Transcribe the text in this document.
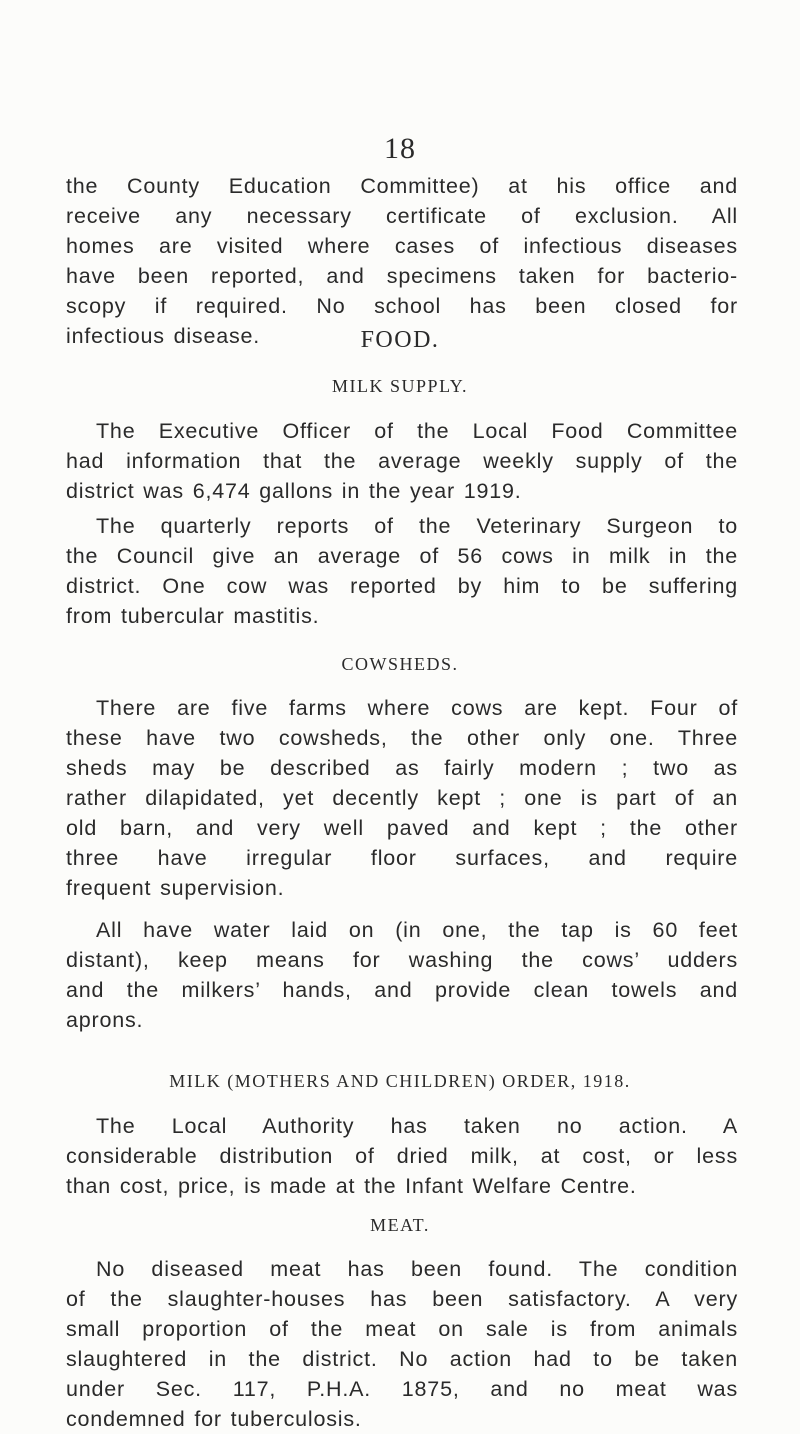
18
the County Education Committee) at his office and
receive any necessary certificate of exclusion. All
homes are visited where cases of infectious diseases
have been reported, and specimens taken for bacterio-
scopy if required. No school has been closed for
infectious disease.	FOOD.
MILK SUPPLY.
The Executive Officer of the Local Food Committee
had information that the average weekly supply of the
district was 6,474 gallons in the year 1919.
The quarterly reports of the Veterinary Surgeon to
the Council give an average of 56 cows in milk in the
district. One cow was reported by him to be suffering
from tubercular mastitis.
COWSHEDS.
There are five farms where cows are kept. Four of
these have two cowsheds, the other only one. Three
sheds may be described as fairly modern ; two as
rather dilapidated, yet decently kept ; one is part of an
old barn, and very well paved and kept ; the other
three have irregular floor surfaces, and require
frequent supervision.
All have water laid on (in one, the tap is 60 feet
distant), keep means for washing the cows’ udders
and the milkers’ hands, and provide clean towels and
aprons.
MILK (MOTHERS AND CHILDREN) ORDER, 1918.
The Local Authority has taken no action. A
considerable distribution of dried milk, at cost, or less
than cost, price, is made at the Infant Welfare Centre.
MEAT.
No diseased meat has been found. The condition
of the slaughter-houses has been satisfactory. A very
small proportion of the meat on sale is from animals
slaughtered in the district. No action had to be taken
under Sec. 117, P.H.A. 1875, and no meat was
condemned for tuberculosis.
